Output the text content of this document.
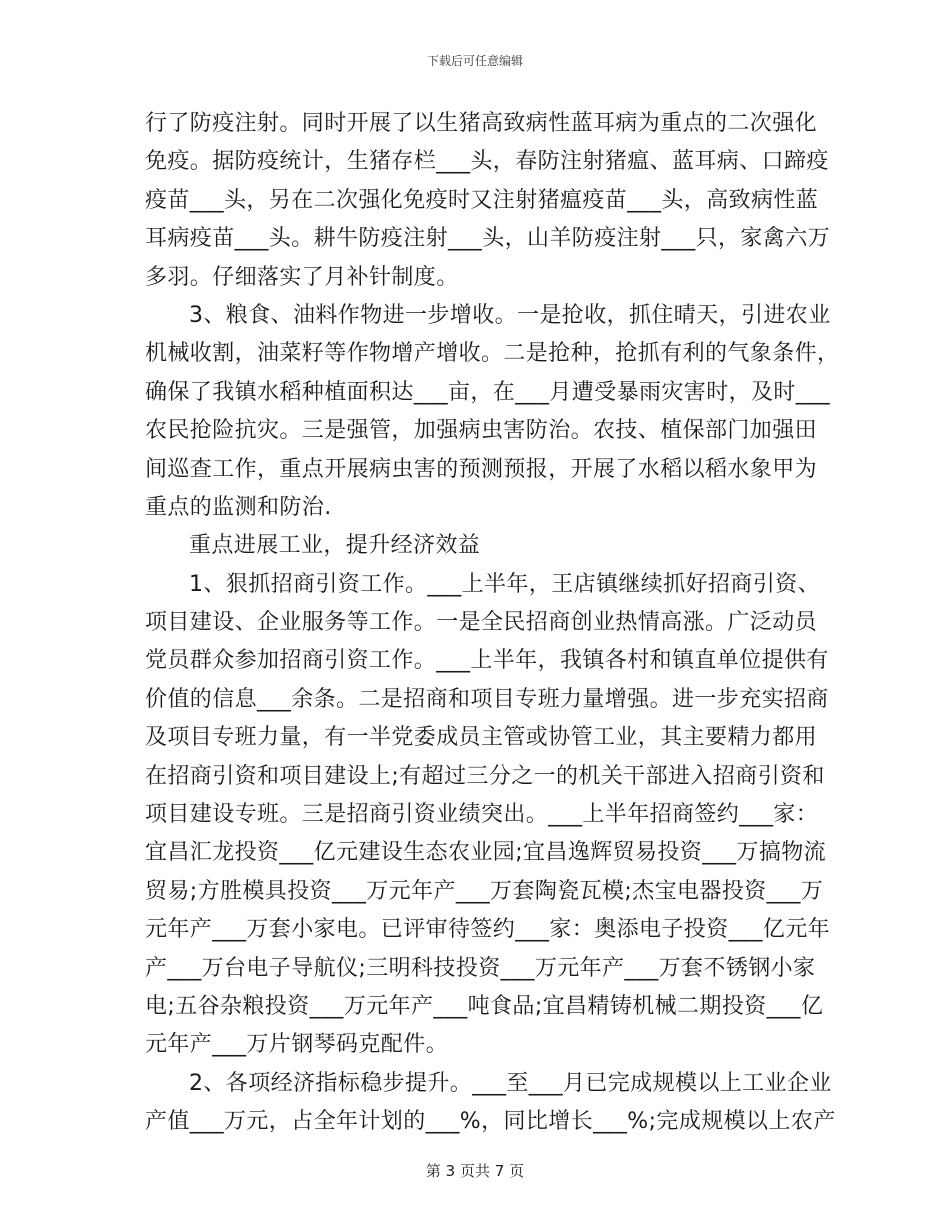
下载后可任意编辑
行了防疫注射。同时开展了以生猪高致病性蓝耳病为重点的二次强化
免疫。据防疫统计，生猪存栏___头，春防注射猪瘟、蓝耳病、口蹄疫
疫苗___头，另在二次强化免疫时又注射猪瘟疫苗___头，高致病性蓝
耳病疫苗___头。耕牛防疫注射___头，山羊防疫注射___只，家禽六万
多羽。仔细落实了月补针制度。
3、粮食、油料作物进一步增收。一是抢收，抓住晴天，引进农业
机械收割，油菜籽等作物增产增收。二是抢种，抢抓有利的气象条件，
确保了我镇水稻种植面积达___亩，在___月遭受暴雨灾害时，及时___
农民抢险抗灾。三是强管，加强病虫害防治。农技、植保部门加强田
间巡查工作，重点开展病虫害的预测预报，开展了水稻以稻水象甲为
重点的监测和防治.
重点进展工业，提升经济效益
1、狠抓招商引资工作。___上半年，王店镇继续抓好招商引资、
项目建设、企业服务等工作。一是全民招商创业热情高涨。广泛动员
党员群众参加招商引资工作。___上半年，我镇各村和镇直单位提供有
价值的信息___余条。二是招商和项目专班力量增强。进一步充实招商
及项目专班力量，有一半党委成员主管或协管工业，其主要精力都用
在招商引资和项目建设上;有超过三分之一的机关干部进入招商引资和
项目建设专班。三是招商引资业绩突出。___上半年招商签约___家：
宜昌汇龙投资___亿元建设生态农业园;宜昌逸辉贸易投资___万搞物流
贸易;方胜模具投资___万元年产___万套陶瓷瓦模;杰宝电器投资___万
元年产___万套小家电。已评审待签约___家：奥添电子投资___亿元年
产___万台电子导航仪;三明科技投资___万元年产___万套不锈钢小家
电;五谷杂粮投资___万元年产___吨食品;宜昌精铸机械二期投资___亿
元年产___万片钢琴码克配件。
2、各项经济指标稳步提升。___至___月已完成规模以上工业企业
产值___万元，占全年计划的___%，同比增长___%;完成规模以上农产
第 3 页共 7 页
